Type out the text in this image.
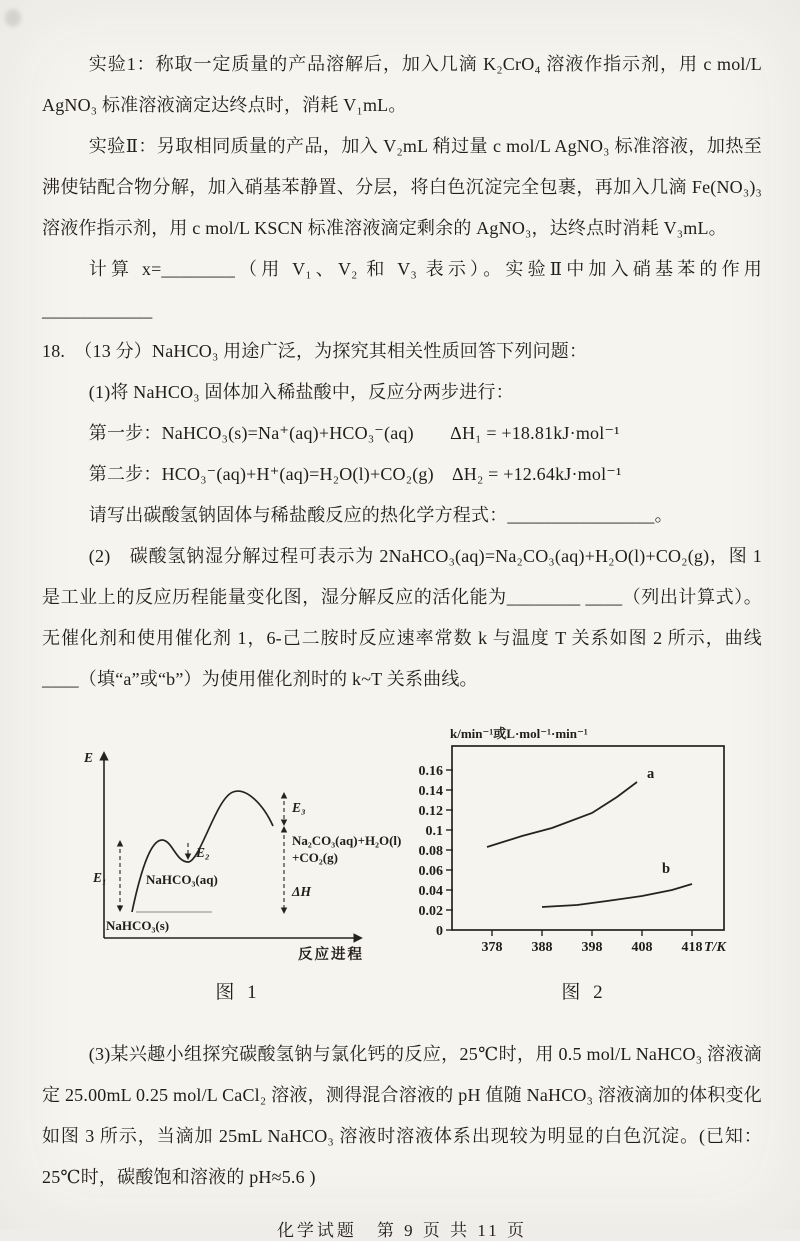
实验1：称取一定质量的产品溶解后，加入几滴 K₂CrO₄ 溶液作指示剂，用 c mol/L AgNO₃ 标准溶液滴定达终点时，消耗 V₁mL。

实验Ⅱ：另取相同质量的产品，加入 V₂mL 稍过量 c mol/L AgNO₃ 标准溶液，加热至沸使钴配合物分解，加入硝基苯静置、分层，将白色沉淀完全包裹，再加入几滴 Fe(NO₃)₃ 溶液作指示剂，用 c mol/L KSCN 标准溶液滴定剩余的 AgNO₃，达终点时消耗 V₃mL。

计算 x=________（用 V₁、V₂ 和 V₃ 表示）。实验Ⅱ中加入硝基苯的作用 ____________

18.　（13 分）NaHCO₃ 用途广泛，为探究其相关性质回答下列问题：

(1)将 NaHCO₃ 固体加入稀盐酸中，反应分两步进行：

第一步：NaHCO₃(s)=Na⁺(aq)+HCO₃⁻(aq)　　ΔH₁ = +18.81kJ·mol⁻¹

第二步：HCO₃⁻(aq)+H⁺(aq)=H₂O(l)+CO₂(g)　ΔH₂ = +12.64kJ·mol⁻¹

请写出碳酸氢钠固体与稀盐酸反应的热化学方程式：________________。

(2)　碳酸氢钠湿分解过程可表示为 2NaHCO₃(aq)=Na₂CO₃(aq)+H₂O(l)+CO₂(g)，图 1 是工业上的反应历程能量变化图，湿分解反应的活化能为________ ____（列出计算式）。无催化剂和使用催化剂 1，6-己二胺时反应速率常数 k 与温度 T 关系如图 2 所示，曲线____（填“a”或“b”）为使用催化剂时的 k~T 关系曲线。

E
反应进程
E₁
NaHCO₃(s)
E₂
NaHCO₃(aq)
E₃
Na₂CO₃(aq)+H₂O(l)
+CO₂(g)
ΔH
图 1
k/min⁻¹或L·mol⁻¹·min⁻¹
0
0.02
0.04
0.06
0.08
0.1
0.12
0.14
0.16
378 388 398 408 418 T/K
a
b
图 2

(3)某兴趣小组探究碳酸氢钠与氯化钙的反应，25℃时，用 0.5 mol/L NaHCO₃ 溶液滴定 25.00mL 0.25 mol/L CaCl₂ 溶液，测得混合溶液的 pH 值随 NaHCO₃ 溶液滴加的体积变化如图 3 所示，当滴加 25mL NaHCO₃ 溶液时溶液体系出现较为明显的白色沉淀。(已知：25℃时，碳酸饱和溶液的 pH≈5.6 )

化学试题　第 9 页 共 11 页
